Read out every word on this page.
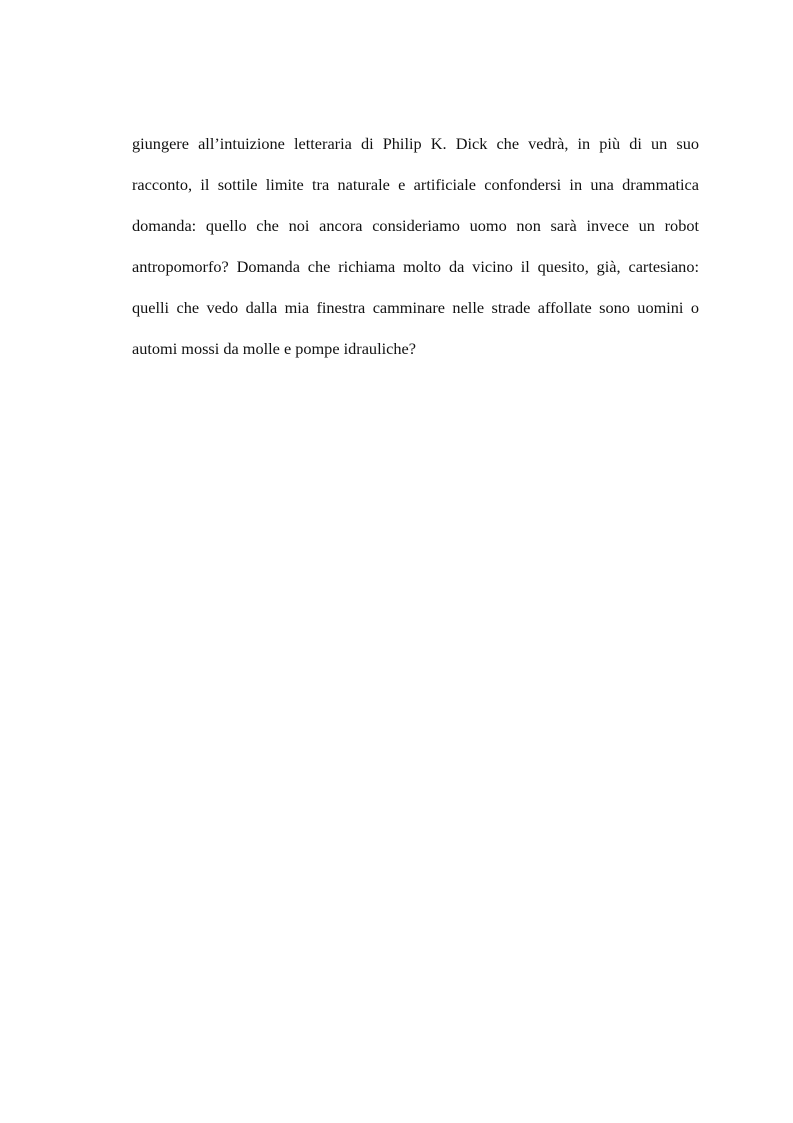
giungere all’intuizione letteraria di Philip K. Dick che vedrà, in più di un suo
racconto, il sottile limite tra naturale e artificiale confondersi in una drammatica
domanda: quello che noi ancora consideriamo uomo non sarà invece un robot
antropomorfo? Domanda che richiama molto da vicino il quesito, già, cartesiano:
quelli che vedo dalla mia finestra camminare nelle strade affollate sono uomini o
automi mossi da molle e pompe idrauliche?
